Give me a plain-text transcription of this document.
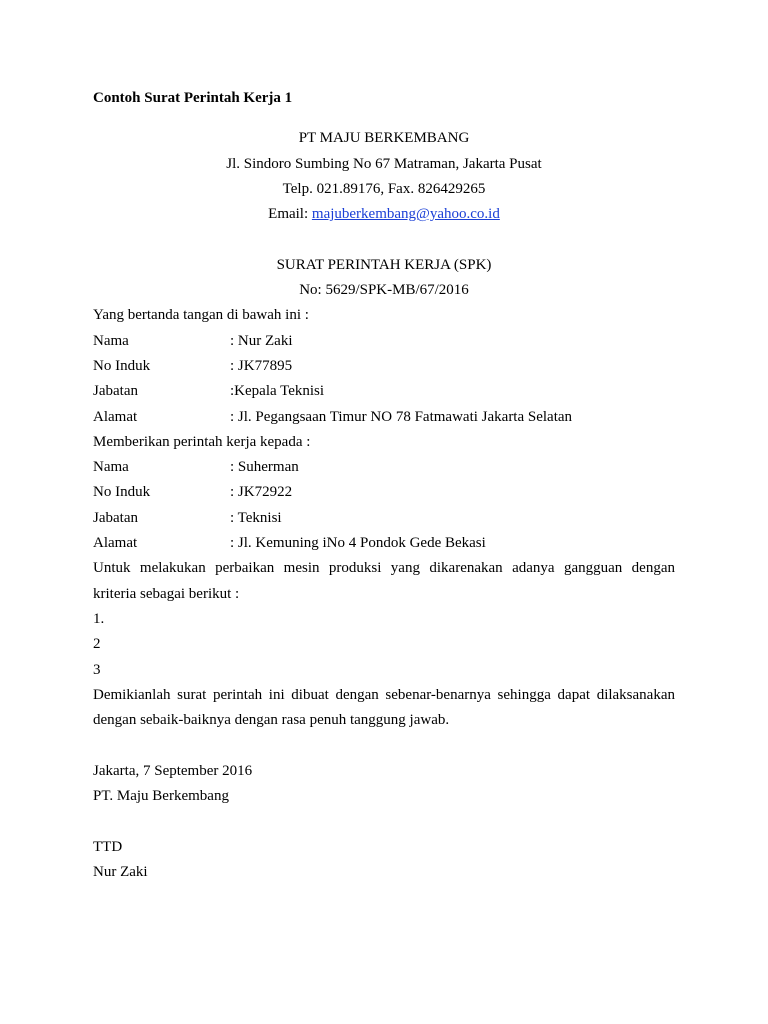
Contoh Surat Perintah Kerja 1
PT MAJU BERKEMBANG
Jl. Sindoro Sumbing No 67 Matraman, Jakarta Pusat
Telp. 021.89176, Fax. 826429265
Email: majuberkembang@yahoo.co.id
SURAT PERINTAH KERJA (SPK)
No: 5629/SPK-MB/67/2016
Yang bertanda tangan di bawah ini :
Nama	: Nur Zaki
No Induk	: JK77895
Jabatan	:Kepala Teknisi
Alamat	: Jl. Pegangsaan Timur NO 78 Fatmawati Jakarta Selatan
Memberikan perintah kerja kepada :
Nama	: Suherman
No Induk	: JK72922
Jabatan	: Teknisi
Alamat	: Jl. Kemuning iNo 4 Pondok Gede Bekasi
Untuk melakukan perbaikan mesin produksi yang dikarenakan adanya gangguan dengan
kriteria sebagai berikut :
1.
2
3
Demikianlah surat perintah ini dibuat dengan sebenar-benarnya sehingga dapat dilaksanakan
dengan sebaik-baiknya dengan rasa penuh tanggung jawab.
Jakarta, 7 September 2016
PT. Maju Berkembang
TTD
Nur Zaki
